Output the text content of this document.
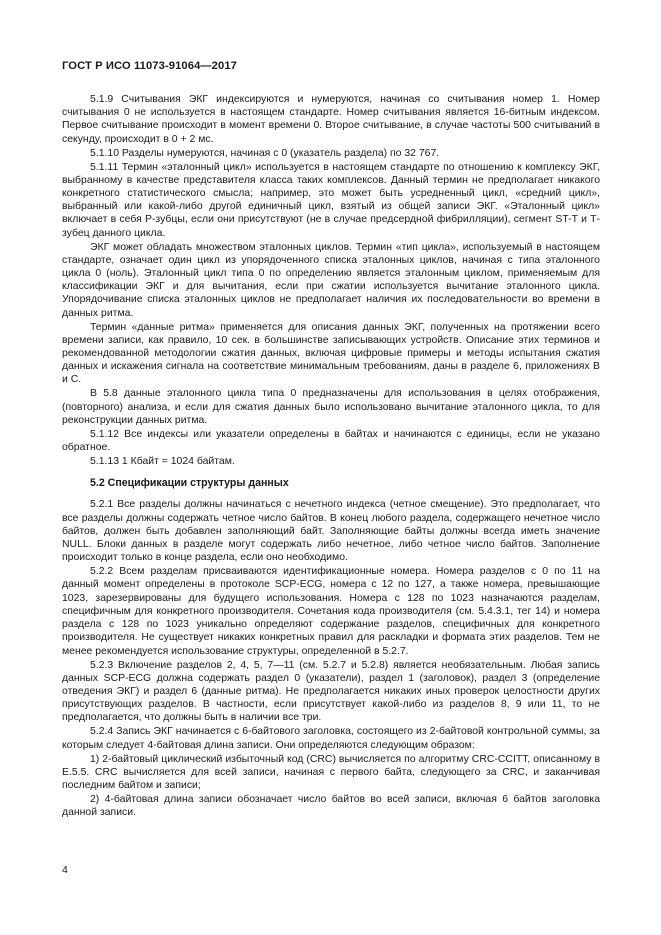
ГОСТ Р ИСО 11073-91064—2017

5.1.9 Считывания ЭКГ индексируются и нумеруются, начиная со считывания номер 1. Номер считывания 0 не используется в настоящем стандарте. Номер считывания является 16-битным индексом. Первое считывание происходит в момент времени 0. Второе считывание, в случае частоты 500 считываний в секунду, происходит в 0 + 2 мс.

5.1.10 Разделы нумеруются, начиная с 0 (указатель раздела) по 32 767.

5.1.11 Термин «эталонный цикл» используется в настоящем стандарте по отношению к комплексу ЭКГ, выбранному в качестве представителя класса таких комплексов. Данный термин не предполагает никакого конкретного статистического смысла; например, это может быть усредненный цикл, «средний цикл», выбранный или какой-либо другой единичный цикл, взятый из общей записи ЭКГ. «Эталонный цикл» включает в себя Р-зубцы, если они присутствуют (не в случае предсердной фибрилляции), сегмент ST-T и Т-зубец данного цикла.

ЭКГ может обладать множеством эталонных циклов. Термин «тип цикла», используемый в настоящем стандарте, означает один цикл из упорядоченного списка эталонных циклов, начиная с типа эталонного цикла 0 (ноль). Эталонный цикл типа 0 по определению является эталонным циклом, применяемым для классификации ЭКГ и для вычитания, если при сжатии используется вычитание эталонного цикла. Упорядочивание списка эталонных циклов не предполагает наличия их последовательности во времени в данных ритма.

Термин «данные ритма» применяется для описания данных ЭКГ, полученных на протяжении всего времени записи, как правило, 10 сек. в большинстве записывающих устройств. Описание этих терминов и рекомендованной методологии сжатия данных, включая цифровые примеры и методы испытания сжатия данных и искажения сигнала на соответствие минимальным требованиям, даны в разделе 6, приложениях В и С.

В 5.8 данные эталонного цикла типа 0 предназначены для использования в целях отображения, (повторного) анализа, и если для сжатия данных было использовано вычитание эталонного цикла, то для реконструкции данных ритма.

5.1.12 Все индексы или указатели определены в байтах и начинаются с единицы, если не указано обратное.

5.1.13 1 Кбайт = 1024 байтам.

5.2 Спецификации структуры данных

5.2.1 Все разделы должны начинаться с нечетного индекса (четное смещение). Это предполагает, что все разделы должны содержать четное число байтов. В конец любого раздела, содержащего нечетное число байтов, должен быть добавлен заполняющий байт. Заполняющие байты должны всегда иметь значение NULL. Блоки данных в разделе могут содержать либо нечетное, либо четное число байтов. Заполнение происходит только в конце раздела, если оно необходимо.

5.2.2 Всем разделам присваиваются идентификационные номера. Номера разделов с 0 по 11 на данный момент определены в протоколе SCP-ECG, номера с 12 по 127, а также номера, превышающие 1023, зарезервированы для будущего использования. Номера с 128 по 1023 назначаются разделам, специфичным для конкретного производителя. Сочетания кода производителя (см. 5.4.3.1, тег 14) и номера раздела с 128 по 1023 уникально определяют содержание разделов, специфичных для конкретного производителя. Не существует никаких конкретных правил для раскладки и формата этих разделов. Тем не менее рекомендуется использование структуры, определенной в 5.2.7.

5.2.3 Включение разделов 2, 4, 5, 7—11 (см. 5.2.7 и 5.2.8) является необязательным. Любая запись данных SCP-ECG должна содержать раздел 0 (указатели), раздел 1 (заголовок), раздел 3 (определение отведения ЭКГ) и раздел 6 (данные ритма). Не предполагается никаких иных проверок целостности других присутствующих разделов. В частности, если присутствует какой-либо из разделов 8, 9 или 11, то не предполагается, что должны быть в наличии все три.

5.2.4 Запись ЭКГ начинается с 6-байтового заголовка, состоящего из 2-байтовой контрольной суммы, за которым следует 4-байтовая длина записи. Они определяются следующим образом:

1) 2-байтовый циклический избыточный код (CRC) вычисляется по алгоритму CRC-CCITT, описанному в Е.5.5. CRC вычисляется для всей записи, начиная с первого байта, следующего за CRC, и заканчивая последним байтом и записи;

2) 4-байтовая длина записи обозначает число байтов во всей записи, включая 6 байтов заголовка данной записи.

4
